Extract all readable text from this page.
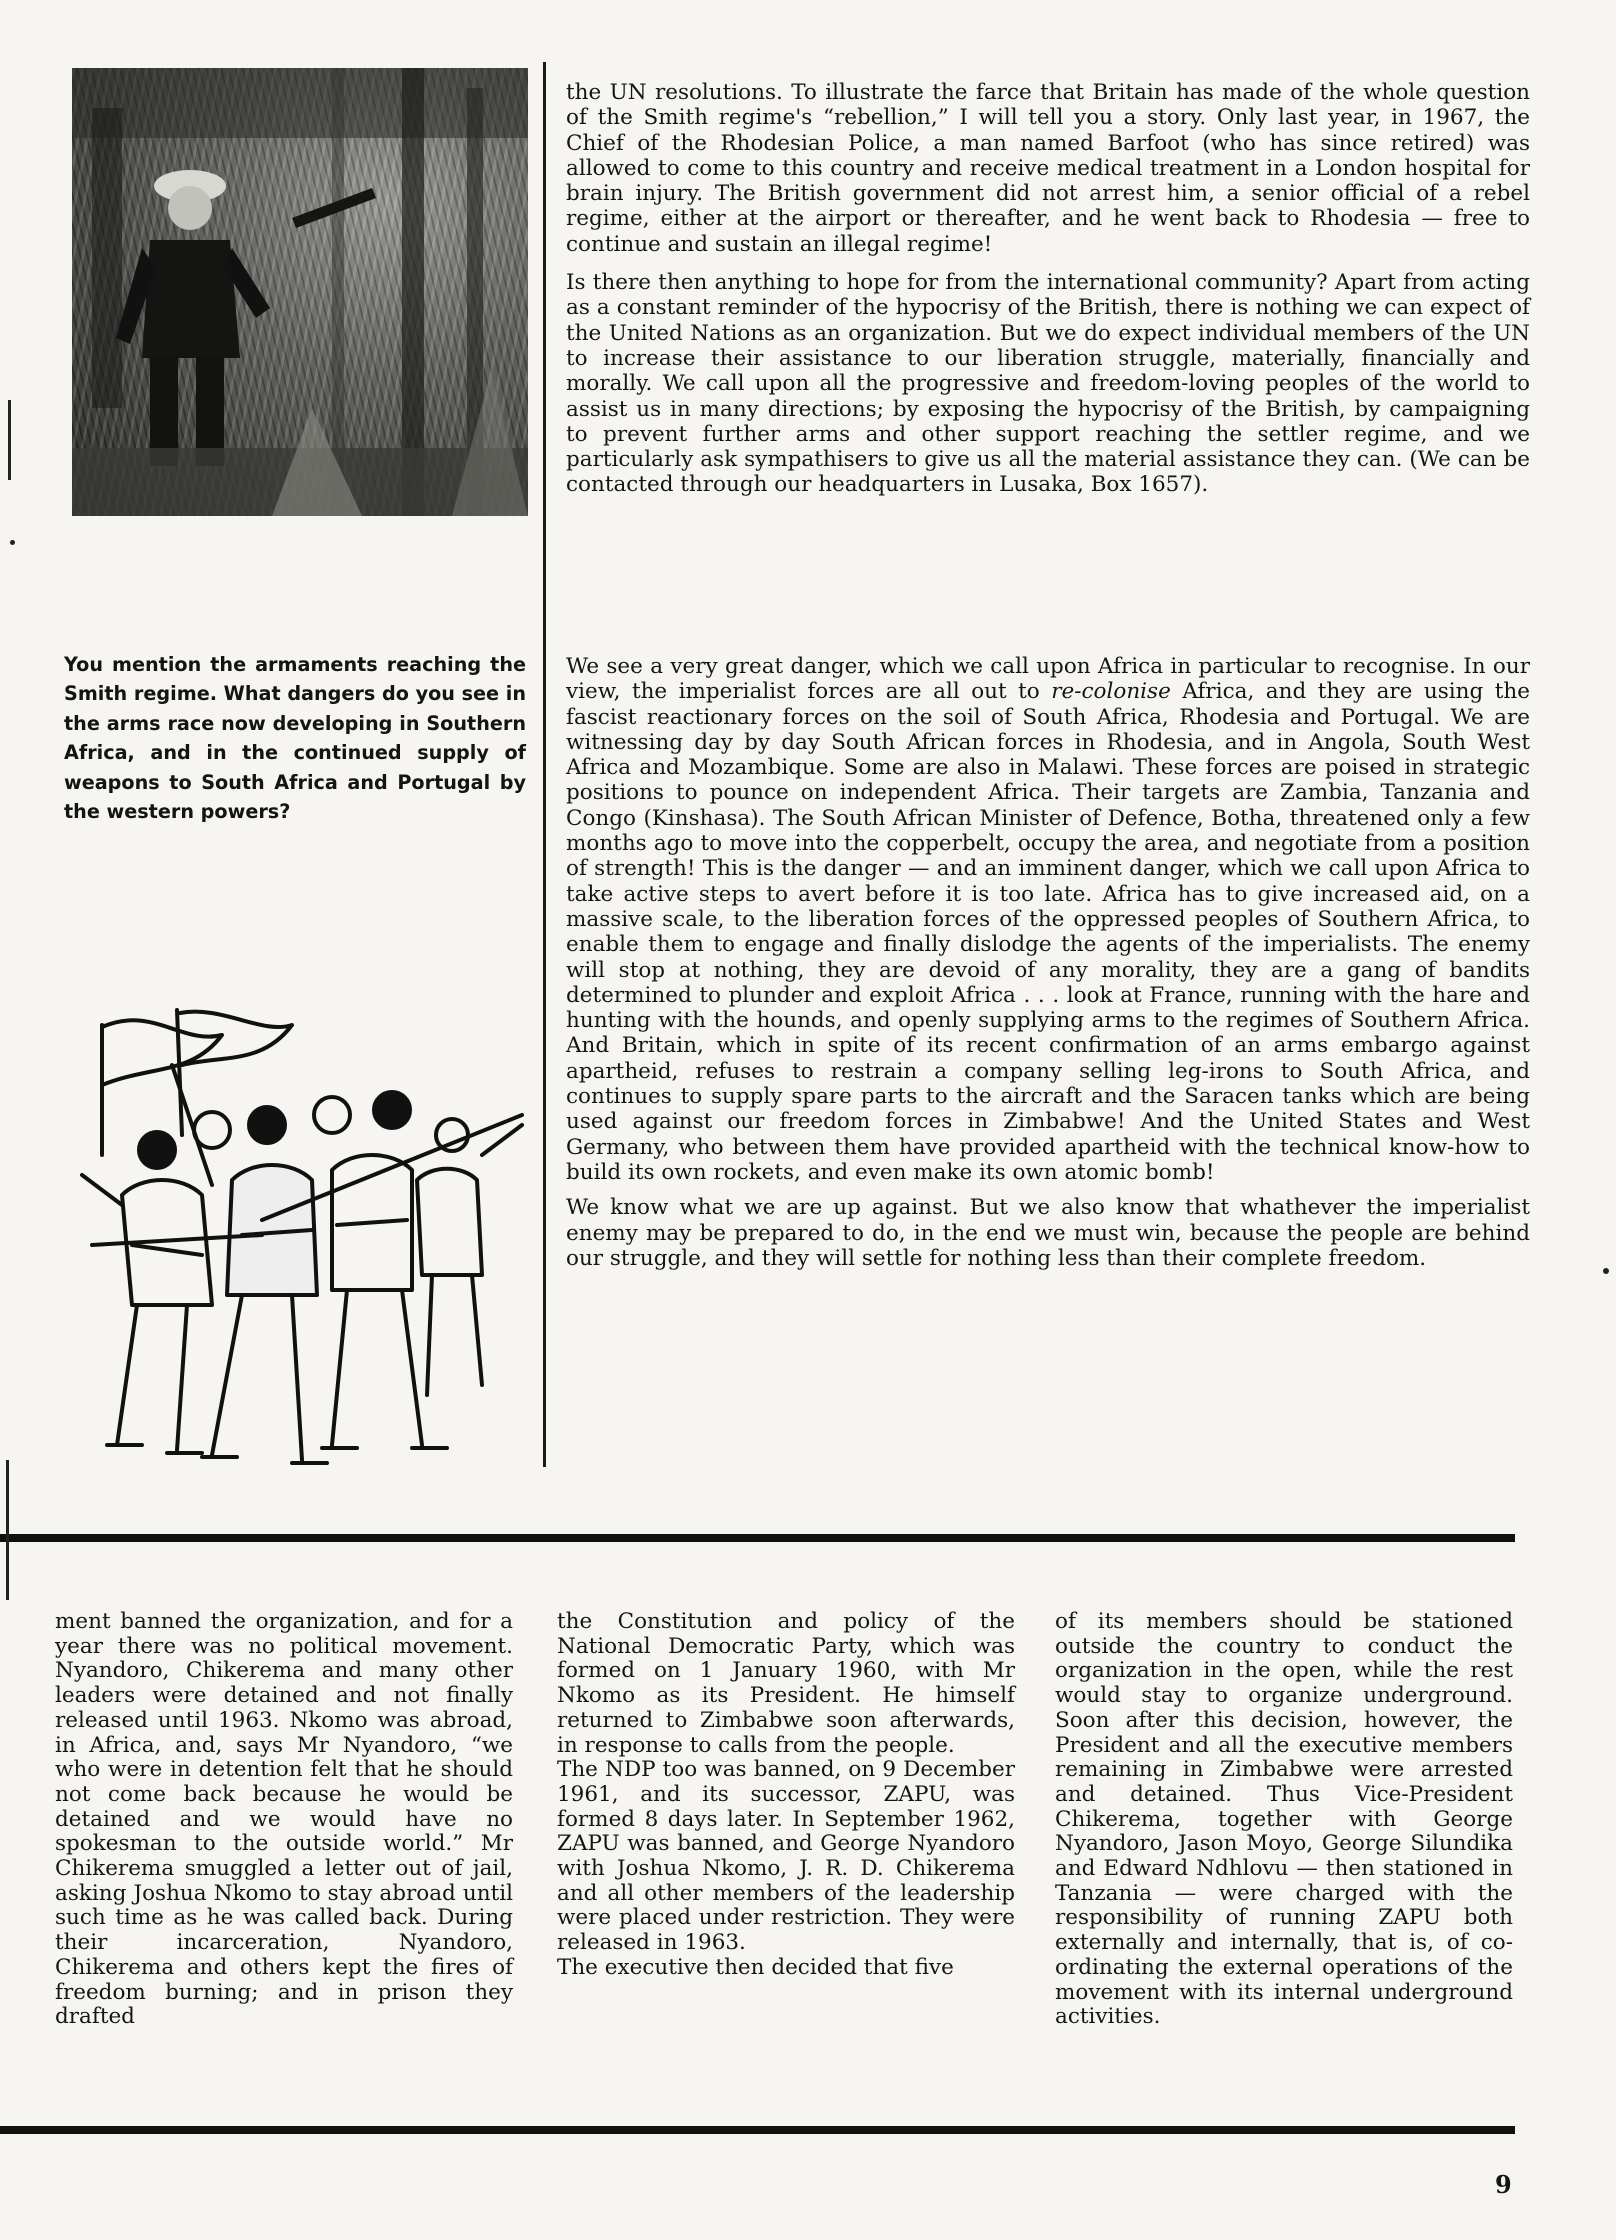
the UN resolutions. To illustrate the farce that Britain has made of the whole question of the Smith regime's “rebellion,” I will tell you a story. Only last year, in 1967, the Chief of the Rhodesian Police, a man named Barfoot (who has since retired) was allowed to come to this country and receive medical treatment in a London hospital for brain injury. The British government did not arrest him, a senior official of a rebel regime, either at the airport or thereafter, and he went back to Rhodesia — free to continue and sustain an illegal regime!

Is there then anything to hope for from the international community? Apart from acting as a constant reminder of the hypocrisy of the British, there is nothing we can expect of the United Nations as an organization. But we do expect individual members of the UN to increase their assistance to our liberation struggle, materially, financially and morally. We call upon all the progressive and freedom-loving peoples of the world to assist us in many directions; by exposing the hypocrisy of the British, by campaigning to prevent further arms and other support reaching the settler regime, and we particularly ask sympathisers to give us all the material assistance they can. (We can be contacted through our headquarters in Lusaka, Box 1657).

You mention the armaments reaching the Smith regime. What dangers do you see in the arms race now developing in Southern Africa, and in the continued supply of weapons to South Africa and Portugal by the western powers?

We see a very great danger, which we call upon Africa in particular to recognise. In our view, the imperialist forces are all out to re-colonise Africa, and they are using the fascist reactionary forces on the soil of South Africa, Rhodesia and Portugal. We are witnessing day by day South African forces in Rhodesia, and in Angola, South West Africa and Mozambique. Some are also in Malawi. These forces are poised in strategic positions to pounce on independent Africa. Their targets are Zambia, Tanzania and Congo (Kinshasa). The South African Minister of Defence, Botha, threatened only a few months ago to move into the copperbelt, occupy the area, and negotiate from a position of strength! This is the danger — and an imminent danger, which we call upon Africa to take active steps to avert before it is too late. Africa has to give increased aid, on a massive scale, to the liberation forces of the oppressed peoples of Southern Africa, to enable them to engage and finally dislodge the agents of the imperialists. The enemy will stop at nothing, they are devoid of any morality, they are a gang of bandits determined to plunder and exploit Africa . . . look at France, running with the hare and hunting with the hounds, and openly supplying arms to the regimes of Southern Africa. And Britain, which in spite of its recent confirmation of an arms embargo against apartheid, refuses to restrain a company selling leg-irons to South Africa, and continues to supply spare parts to the aircraft and the Saracen tanks which are being used against our freedom forces in Zimbabwe! And the United States and West Germany, who between them have provided apartheid with the technical know-how to build its own rockets, and even make its own atomic bomb!

We know what we are up against. But we also know that whathever the imperialist enemy may be prepared to do, in the end we must win, because the people are behind our struggle, and they will settle for nothing less than their complete freedom.

ment banned the organization, and for a year there was no political movement. Nyandoro, Chikerema and many other leaders were detained and not finally released until 1963. Nkomo was abroad, in Africa, and, says Mr Nyandoro, “we who were in detention felt that he should not come back because he would be detained and we would have no spokesman to the outside world.” Mr Chikerema smuggled a letter out of jail, asking Joshua Nkomo to stay abroad until such time as he was called back. During their incarceration, Nyandoro, Chikerema and others kept the fires of freedom burning; and in prison they drafted

the Constitution and policy of the National Democratic Party, which was formed on 1 January 1960, with Mr Nkomo as its President. He himself returned to Zimbabwe soon afterwards, in response to calls from the people.

The NDP too was banned, on 9 December 1961, and its successor, ZAPU, was formed 8 days later. In September 1962, ZAPU was banned, and George Nyandoro with Joshua Nkomo, J. R. D. Chikerema and all other members of the leadership were placed under restriction. They were released in 1963.

The executive then decided that five

of its members should be stationed outside the country to conduct the organization in the open, while the rest would stay to organize underground. Soon after this decision, however, the President and all the executive members remaining in Zimbabwe were arrested and detained. Thus Vice-President Chikerema, together with George Nyandoro, Jason Moyo, George Silundika and Edward Ndhlovu — then stationed in Tanzania — were charged with the responsibility of running ZAPU both externally and internally, that is, of co-ordinating the external operations of the movement with its internal underground activities.

9
